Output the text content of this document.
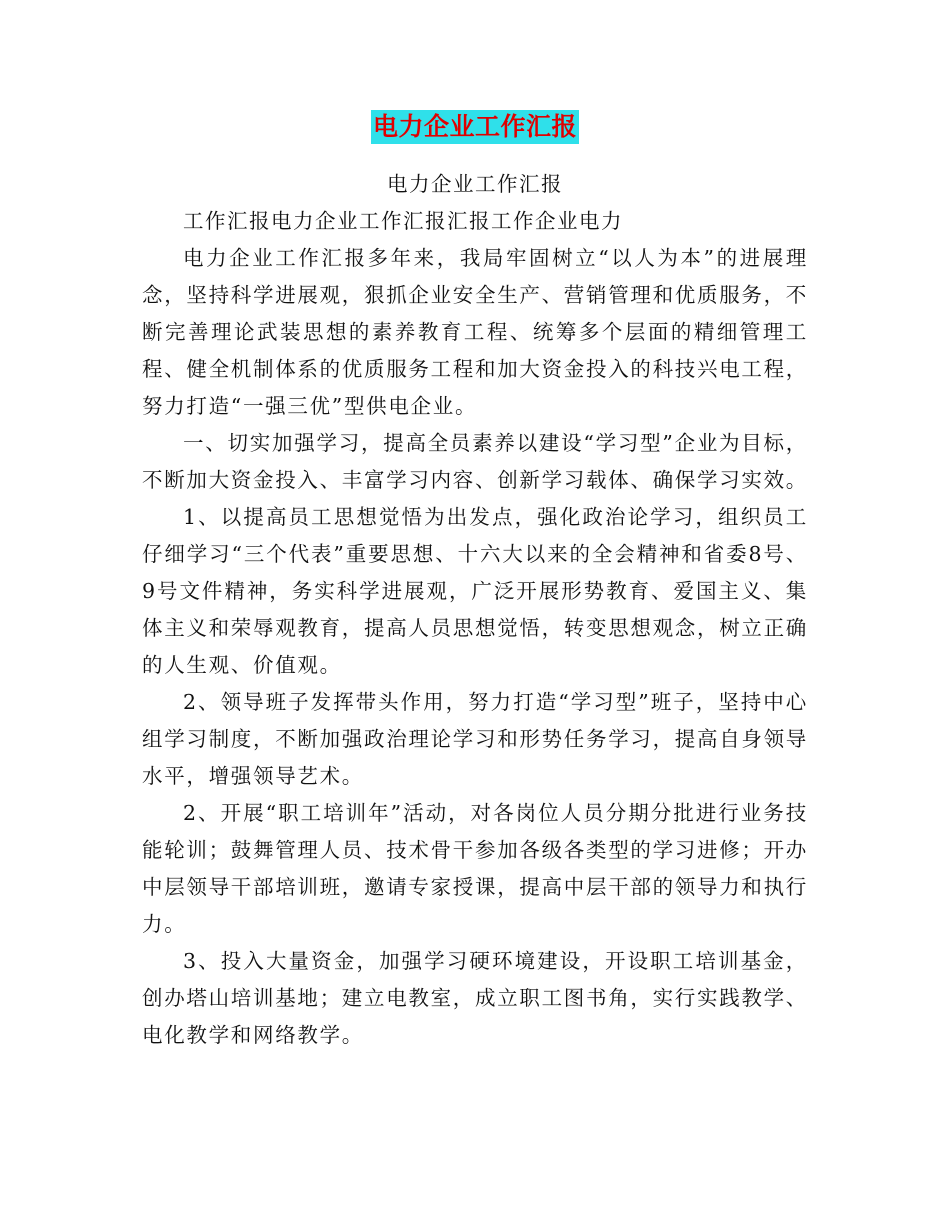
电力企业工作汇报
电力企业工作汇报

工作汇报电力企业工作汇报汇报工作企业电力

电力企业工作汇报多年来，我局牢固树立“以人为本”的进展理念，坚持科学进展观，狠抓企业安全生产、营销管理和优质服务，不断完善理论武装思想的素养教育工程、统筹多个层面的精细管理工程、健全机制体系的优质服务工程和加大资金投入的科技兴电工程，努力打造“一强三优”型供电企业。

一、切实加强学习，提高全员素养以建设“学习型”企业为目标，不断加大资金投入、丰富学习内容、创新学习载体、确保学习实效。

1、以提高员工思想觉悟为出发点，强化政治论学习，组织员工仔细学习“三个代表”重要思想、十六大以来的全会精神和省委8号、9号文件精神，务实科学进展观，广泛开展形势教育、爱国主义、集体主义和荣辱观教育，提高人员思想觉悟，转变思想观念，树立正确的人生观、价值观。

2、领导班子发挥带头作用，努力打造“学习型”班子，坚持中心组学习制度，不断加强政治理论学习和形势任务学习，提高自身领导水平，增强领导艺术。

2、开展“职工培训年”活动，对各岗位人员分期分批进行业务技能轮训；鼓舞管理人员、技术骨干参加各级各类型的学习进修；开办中层领导干部培训班，邀请专家授课，提高中层干部的领导力和执行力。

3、投入大量资金，加强学习硬环境建设，开设职工培训基金，创办塔山培训基地；建立电教室，成立职工图书角，实行实践教学、电化教学和网络教学。
